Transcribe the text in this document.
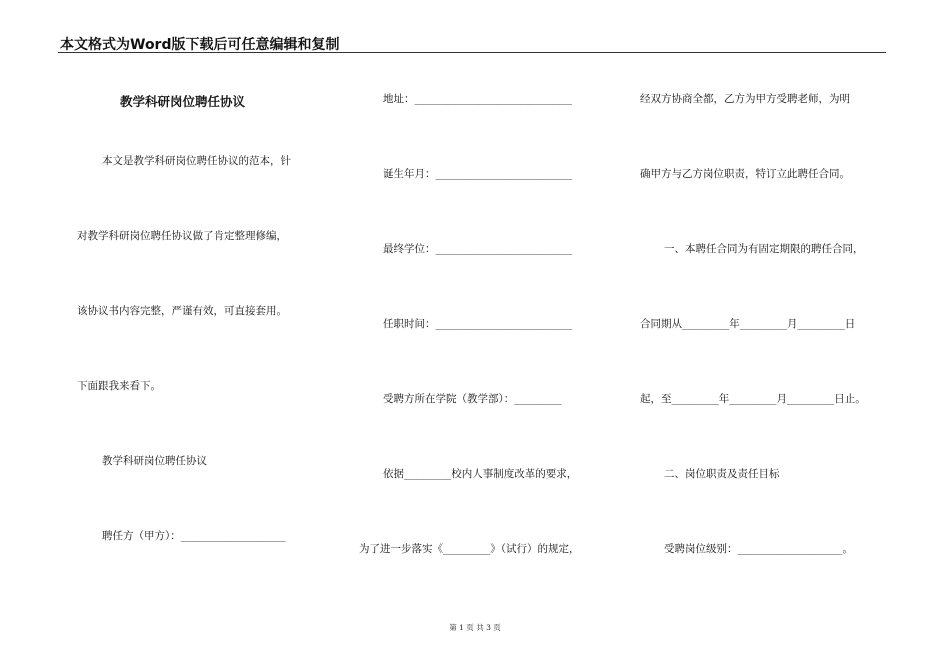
本文格式为Word版下载后可任意编辑和复制
教学科研岗位聘任协议
本文是教学科研岗位聘任协议的范本，针
对教学科研岗位聘任协议做了肯定整理修编，
该协议书内容完整，严谨有效，可直接套用。
下面跟我来看下。
教学科研岗位聘任协议
聘任方（甲方）：____________________
地址：______________________________
诞生年月：__________________________
最终学位：__________________________
任职时间：__________________________
受聘方所在学院（教学部）：_________
依据_________校内人事制度改革的要求，
为了进一步落实《_________》（试行）的规定，
经双方协商全都，乙方为甲方受聘老师，为明
确甲方与乙方岗位职责，特订立此聘任合同。
一、本聘任合同为有固定期限的聘任合同，
合同期从_________年_________月_________日
起，至_________年_________月_________日止。
二、岗位职责及责任目标
受聘岗位级别：____________________。
第 1 页 共 3 页
